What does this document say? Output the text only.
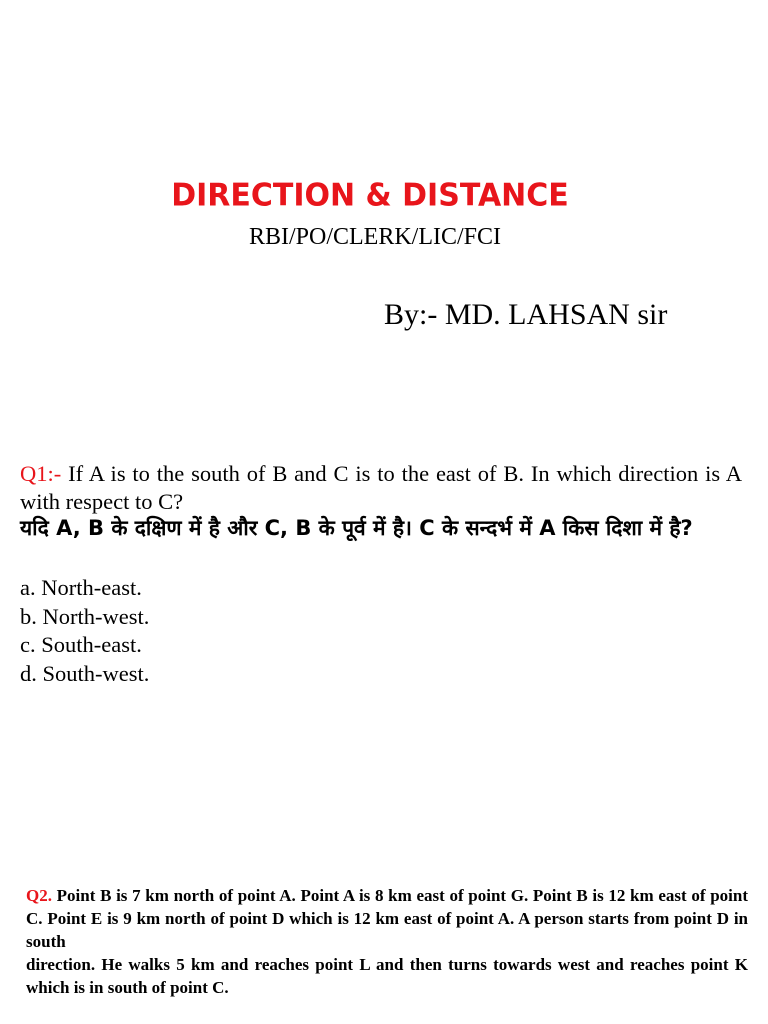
DIRECTION & DISTANCE
RBI/PO/CLERK/LIC/FCI
By:- MD. LAHSAN sir
Q1:- If A is to the south of B and C is to the east of B. In which direction is A with respect to C?
यदि A, B के दक्षिण में है और C, B के पूर्व में है। C के सन्दर्भ में A किस दिशा में है?
a. North-east.
b. North-west.
c. South-east.
d. South-west.

Q2. Point B is 7 km north of point A. Point A is 8 km east of point G. Point B is 12 km east of point C. Point E is 9 km north of point D which is 12 km east of point A. A person starts from point D in south

direction. He walks 5 km and reaches point L and then turns towards west and reaches point K which is in south of point C.
